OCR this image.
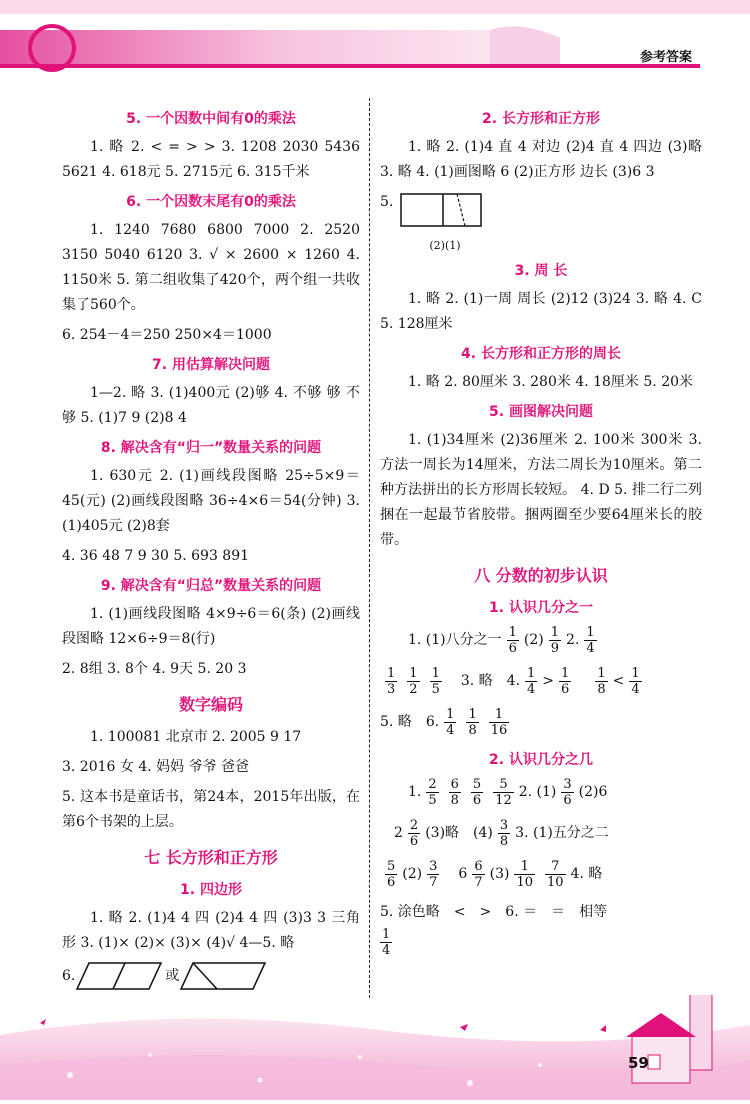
参考答案
5. 一个因数中间有0的乘法

1. 略 2. < = > > 3. 1208 2030 5436 5621 4. 618元 5. 2715元 6. 315千米

6. 一个因数末尾有0的乘法

1. 1240 7680 6800 7000 2. 2520 3150 5040 6120 3. √ × 2600 × 1260 4. 1150米 5. 第二组收集了420个，两个组一共收集了560个。

6. 254－4＝250 250×4＝1000

7. 用估算解决问题

1—2. 略 3. (1)400元 (2)够 4. 不够 够 不够 5. (1)7 9 (2)8 4

8. 解决含有“归一”数量关系的问题

1. 630元 2. (1)画线段图略 25÷5×9＝45(元) (2)画线段图略 36÷4×6＝54(分钟) 3. (1)405元 (2)8套

4. 36 48 7 9 30 5. 693 891

9. 解决含有“归总”数量关系的问题

1. (1)画线段图略 4×9÷6＝6(条) (2)画线段图略 12×6÷9＝8(行)

2. 8组 3. 8个 4. 9天 5. 20 3

数字编码

1. 100081 北京市 2. 2005 9 17

3. 2016 女 4. 妈妈 爷爷 爸爸

5. 这本书是童话书，第24本，2015年出版，在第6个书架的上层。

七 长方形和正方形
1. 四边形

1. 略 2. (1)4 4 四 (2)4 4 四 (3)3 3 三角形 3. (1)× (2)× (3)× (4)√ 4—5. 略

6.	或
2. 长方形和正方形

1. 略 2. (1)4 直 4 对边 (2)4 直 4 四边 (3)略 3. 略 4. (1)画图略 6 (2)正方形 边长 (3)6 3

5.
(2)(1)
3. 周 长

1. 略 2. (1)一周 周长 (2)12 (3)24 3. 略 4. C 5. 128厘米

4. 长方形和正方形的周长

1. 略 2. 80厘米 3. 280米 4. 18厘米 5. 20米

5. 画图解决问题

1. (1)34厘米 (2)36厘米 2. 100米 300米 3. 方法一周长为14厘米，方法二周长为10厘米。第二种方法拼出的长方形周长较短。 4. D 5. 排二行二列捆在一起最节省胶带。捆两圈至少要64厘米长的胶带。

八 分数的初步认识
1. 认识几分之一
1. (1)八分之一 $\frac{1}{6} (2) \frac{1}{9} 2$. $\frac{1}{4}$
$\frac{1}{3} \frac{1}{2} \frac{1}{5} 3$. 略 4. $\frac{1}{4} > \frac{1}{6} \frac{1}{8} < \frac{1}{4}$
5. 略 6. $\frac{1}{4} \frac{1}{8} \frac{1}{16}$
2. 认识几分之几
1. $\frac{2}{5} \frac{6}{8} \frac{5}{6} \frac{5}{12} 2$. $(1) \frac{3}{6} (2)6$
$2 \frac{2}{6} (3)$略 $(4) \frac{3}{8} 3$. (1)五分之二
$\frac{5}{6} (2) \frac{3}{7} 6 \frac{6}{7} (3) \frac{1}{10} \frac{7}{10} 4$. 略
5. 涂色略 < > 6. ＝ ＝ 相等
$\frac{1}{4}$
59
